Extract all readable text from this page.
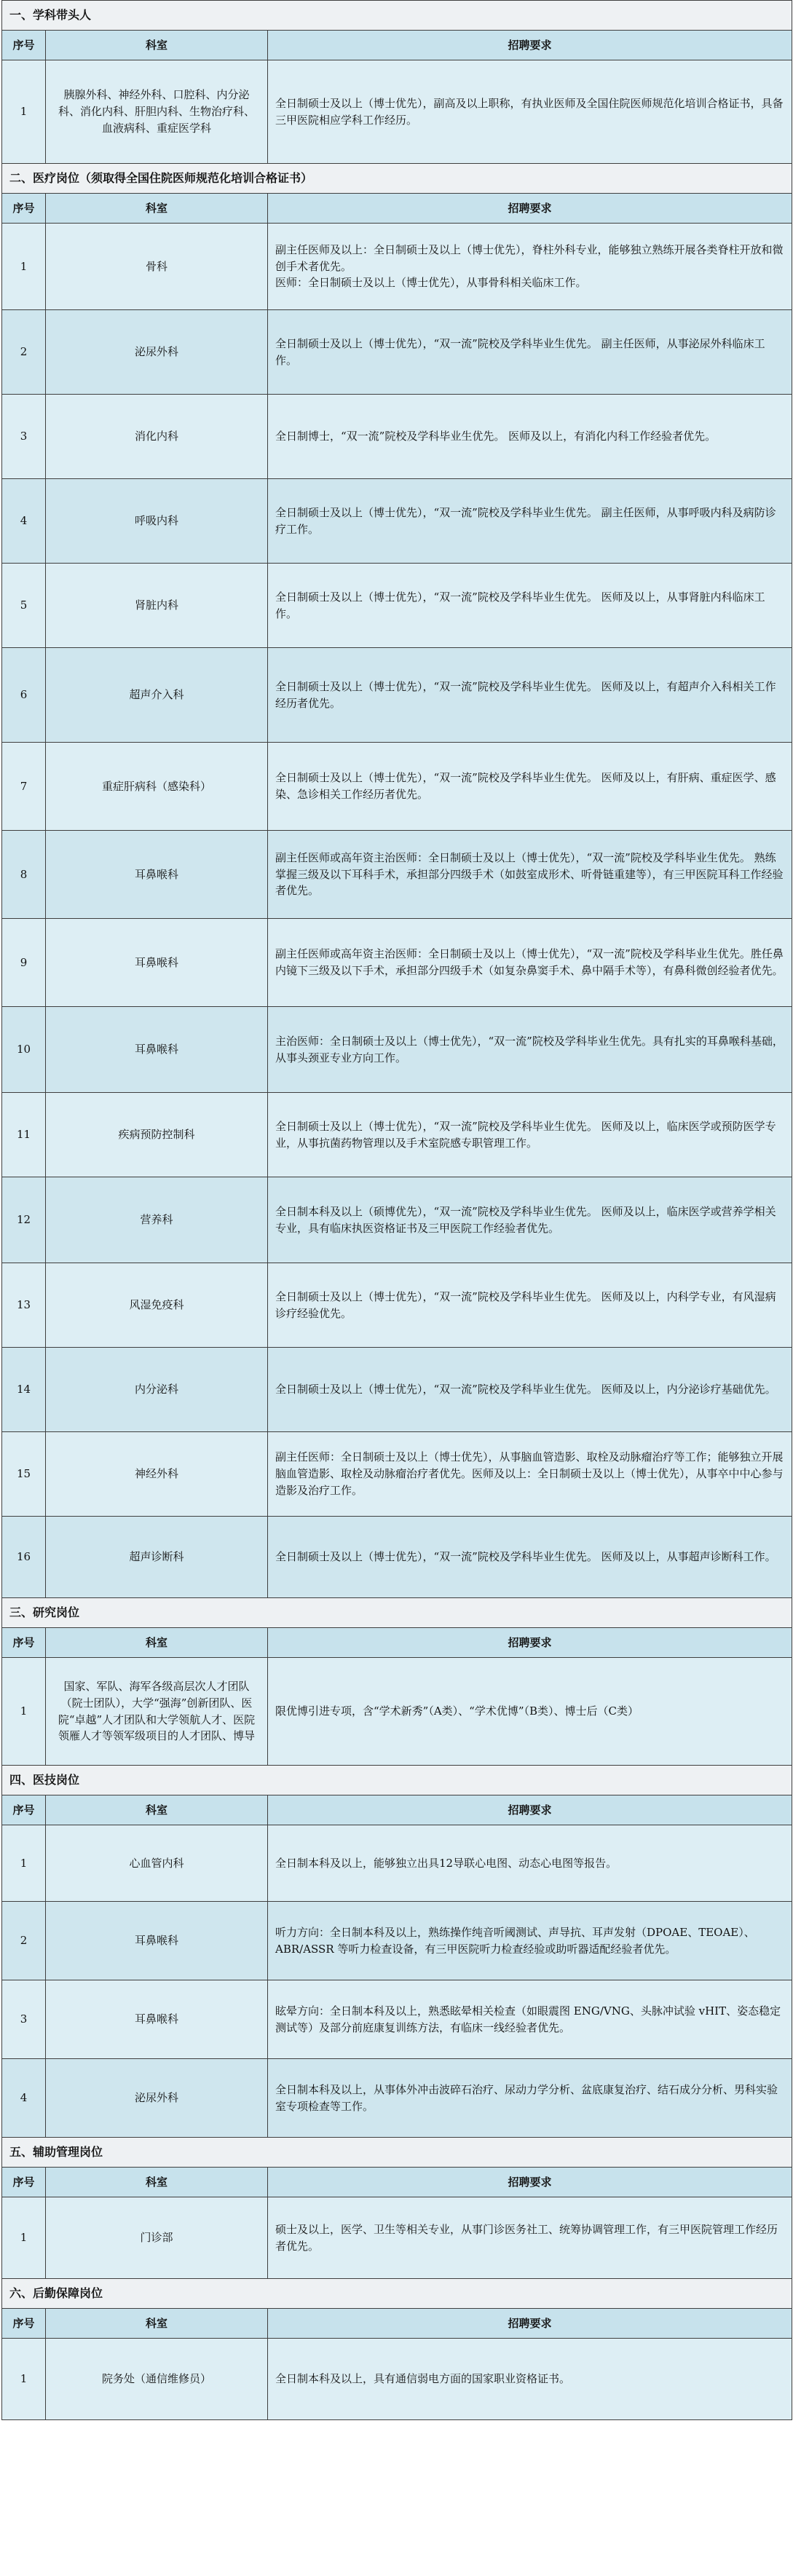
一、学科带头人		
序号	科室	招聘要求
1	胰腺外科、神经外科、口腔科、内分泌科、消化内科、肝胆内科、生物治疗科、血液病科、重症医学科	全日制硕士及以上（博士优先），副高及以上职称，有执业医师及全国住院医师规范化培训合格证书，具备三甲医院相应学科工作经历。
二、医疗岗位（须取得全国住院医师规范化培训合格证书）		
序号	科室	招聘要求
1	骨科	副主任医师及以上：全日制硕士及以上（博士优先），脊柱外科专业，能够独立熟练开展各类脊柱开放和微创手术者优先。
医师：全日制硕士及以上（博士优先），从事骨科相关临床工作。
2	泌尿外科	全日制硕士及以上（博士优先），“双一流”院校及学科毕业生优先。 副主任医师，从事泌尿外科临床工作。
3	消化内科	全日制博士，“双一流”院校及学科毕业生优先。 医师及以上，有消化内科工作经验者优先。
4	呼吸内科	全日制硕士及以上（博士优先），“双一流”院校及学科毕业生优先。 副主任医师，从事呼吸内科及病防诊疗工作。
5	肾脏内科	全日制硕士及以上（博士优先），“双一流”院校及学科毕业生优先。 医师及以上，从事肾脏内科临床工作。
6	超声介入科	全日制硕士及以上（博士优先），“双一流”院校及学科毕业生优先。 医师及以上，有超声介入科相关工作经历者优先。
7	重症肝病科（感染科）	全日制硕士及以上（博士优先），“双一流”院校及学科毕业生优先。 医师及以上，有肝病、重症医学、感染、急诊相关工作经历者优先。
8	耳鼻喉科	副主任医师或高年资主治医师：全日制硕士及以上（博士优先），“双一流”院校及学科毕业生优先。 熟练掌握三级及以下耳科手术，承担部分四级手术（如鼓室成形术、听骨链重建等），有三甲医院耳科工作经验者优先。
9	耳鼻喉科	副主任医师或高年资主治医师：全日制硕士及以上（博士优先），“双一流”院校及学科毕业生优先。胜任鼻内镜下三级及以下手术，承担部分四级手术（如复杂鼻窦手术、鼻中隔手术等），有鼻科微创经验者优先。
10	耳鼻喉科	主治医师：全日制硕士及以上（博士优先），“双一流”院校及学科毕业生优先。具有扎实的耳鼻喉科基础，从事头颈亚专业方向工作。
11	疾病预防控制科	全日制硕士及以上（博士优先），“双一流”院校及学科毕业生优先。 医师及以上，临床医学或预防医学专业，从事抗菌药物管理以及手术室院感专职管理工作。
12	营养科	全日制本科及以上（硕博优先），“双一流”院校及学科毕业生优先。 医师及以上，临床医学或营养学相关专业，具有临床执医资格证书及三甲医院工作经验者优先。
13	风湿免疫科	全日制硕士及以上（博士优先），“双一流”院校及学科毕业生优先。 医师及以上，内科学专业，有风湿病诊疗经验优先。
14	内分泌科	全日制硕士及以上（博士优先），“双一流”院校及学科毕业生优先。 医师及以上，内分泌诊疗基础优先。
15	神经外科	副主任医师：全日制硕士及以上（博士优先），从事脑血管造影、取栓及动脉瘤治疗等工作；能够独立开展脑血管造影、取栓及动脉瘤治疗者优先。医师及以上：全日制硕士及以上（博士优先），从事卒中中心参与造影及治疗工作。
16	超声诊断科	全日制硕士及以上（博士优先），“双一流”院校及学科毕业生优先。 医师及以上，从事超声诊断科工作。
三、研究岗位		
序号	科室	招聘要求
1	国家、军队、海军各级高层次人才团队（院士团队），大学“强海”创新团队、医院“卓越”人才团队和大学领航人才、医院领雁人才等领军级项目的人才团队、博导	限优博引进专项，含“学术新秀”（A类）、“学术优博”（B类）、博士后（C类）
四、医技岗位		
序号	科室	招聘要求
1	心血管内科	全日制本科及以上，能够独立出具12导联心电图、动态心电图等报告。
2	耳鼻喉科	听力方向：全日制本科及以上，熟练操作纯音听阈测试、声导抗、耳声发射（DPOAE、TEOAE）、ABR/ASSR 等听力检查设备，有三甲医院听力检查经验或助听器适配经验者优先。
3	耳鼻喉科	眩晕方向：全日制本科及以上，熟悉眩晕相关检查（如眼震图 ENG/VNG、头脉冲试验 vHIT、姿态稳定测试等）及部分前庭康复训练方法，有临床一线经验者优先。
4	泌尿外科	全日制本科及以上，从事体外冲击波碎石治疗、尿动力学分析、盆底康复治疗、结石成分分析、男科实验室专项检查等工作。
五、辅助管理岗位		
序号	科室	招聘要求
1	门诊部	硕士及以上，医学、卫生等相关专业，从事门诊医务社工、统筹协调管理工作，有三甲医院管理工作经历者优先。
六、后勤保障岗位		
序号	科室	招聘要求
1	院务处（通信维修员）	全日制本科及以上，具有通信弱电方面的国家职业资格证书。
